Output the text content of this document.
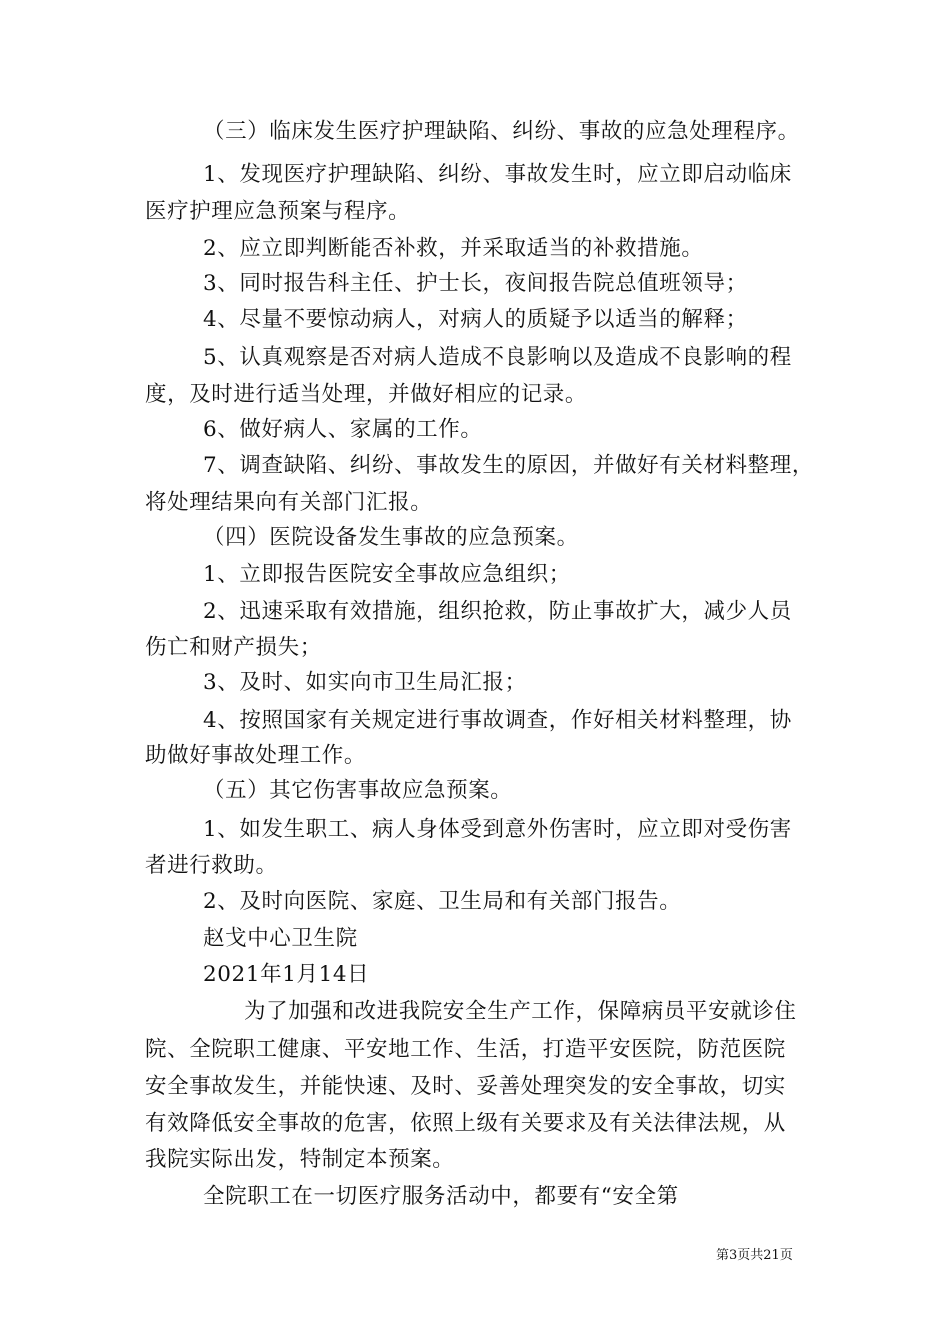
（三）临床发生医疗护理缺陷、纠纷、事故的应急处理程序。
1、发现医疗护理缺陷、纠纷、事故发生时，应立即启动临床
医疗护理应急预案与程序。
2、应立即判断能否补救，并采取适当的补救措施。
3、同时报告科主任、护士长，夜间报告院总值班领导；
4、尽量不要惊动病人，对病人的质疑予以适当的解释；
5、认真观察是否对病人造成不良影响以及造成不良影响的程
度，及时进行适当处理，并做好相应的记录。
6、做好病人、家属的工作。
7、调查缺陷、纠纷、事故发生的原因，并做好有关材料整理，
将处理结果向有关部门汇报。
（四）医院设备发生事故的应急预案。
1、立即报告医院安全事故应急组织；
2、迅速采取有效措施，组织抢救，防止事故扩大，减少人员
伤亡和财产损失；
3、及时、如实向市卫生局汇报；
4、按照国家有关规定进行事故调查，作好相关材料整理，协
助做好事故处理工作。
（五）其它伤害事故应急预案。
1、如发生职工、病人身体受到意外伤害时，应立即对受伤害
者进行救助。
2、及时向医院、家庭、卫生局和有关部门报告。
赵戈中心卫生院
2021年1月14日
为了加强和改进我院安全生产工作，保障病员平安就诊住
院、全院职工健康、平安地工作、生活，打造平安医院，防范医院
安全事故发生，并能快速、及时、妥善处理突发的安全事故，切实
有效降低安全事故的危害，依照上级有关要求及有关法律法规，从
我院实际出发，特制定本预案。
全院职工在一切医疗服务活动中，都要有“安全第
第3页共21页
